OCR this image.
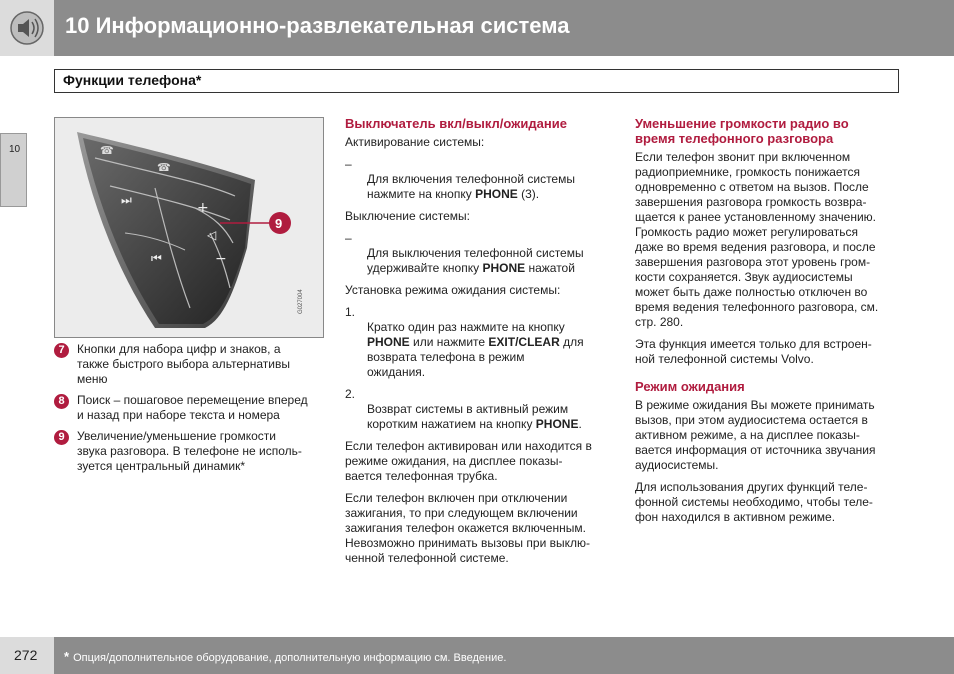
10 Информационно-развлекательная система
Функции телефона*
10	☎
☎
⏭
⏮
+
◁
−
9
G027004
7	Кнопки для набора цифр и знаков, а
также быстрого выбора альтернативы
меню
8	Поиск – пошаговое перемещение вперед
и назад при наборе текста и номера
9	Увеличение/уменьшение громкости
звука разговора. В телефоне не исполь-
зуется центральный динамик*
Выключатель вкл/выкл/ожидание

Активирование системы:

–
Для включения телефонной системы
нажмите на кнопку PHONE (3).

Выключение системы:

–
Для выключения телефонной системы
удерживайте кнопку PHONE нажатой

Установка режима ожидания системы:

1.
Кратко один раз нажмите на кнопку
PHONE или нажмите EXIT/CLEAR для
возврата телефона в режим
ожидания.

2.
Возврат системы в активный режим
коротким нажатием на кнопку PHONE.

Если телефон активирован или находится в
режиме ожидания, на дисплее показы-
вается телефонная трубка.

Если телефон включен при отключении
зажигания, то при следующем включении
зажигания телефон окажется включенным.
Невозможно принимать вызовы при выклю-
ченной телефонной системе.

Уменьшение громкости радио во
время телефонного разговора

Если телефон звонит при включенном
радиоприемнике, громкость понижается
одновременно с ответом на вызов. После
завершения разговора громкость возвра-
щается к ранее установленному значению.
Громкость радио может регулироваться
даже во время ведения разговора, и после
завершения разговора этот уровень гром-
кости сохраняется. Звук аудиосистемы
может быть даже полностью отключен во
время ведения телефонного разговора, см.
стр. 280.

Эта функция имеется только для встроен-
ной телефонной системы Volvo.

Режим ожидания

В режиме ожидания Вы можете принимать
вызов, при этом аудиосистема остается в
активном режиме, а на дисплее показы-
вается информация от источника звучания
аудиосистемы.

Для использования других функций теле-
фонной системы необходимо, чтобы теле-
фон находился в активном режиме.

272 * Опция/дополнительное оборудование, дополнительную информацию см. Введение.
